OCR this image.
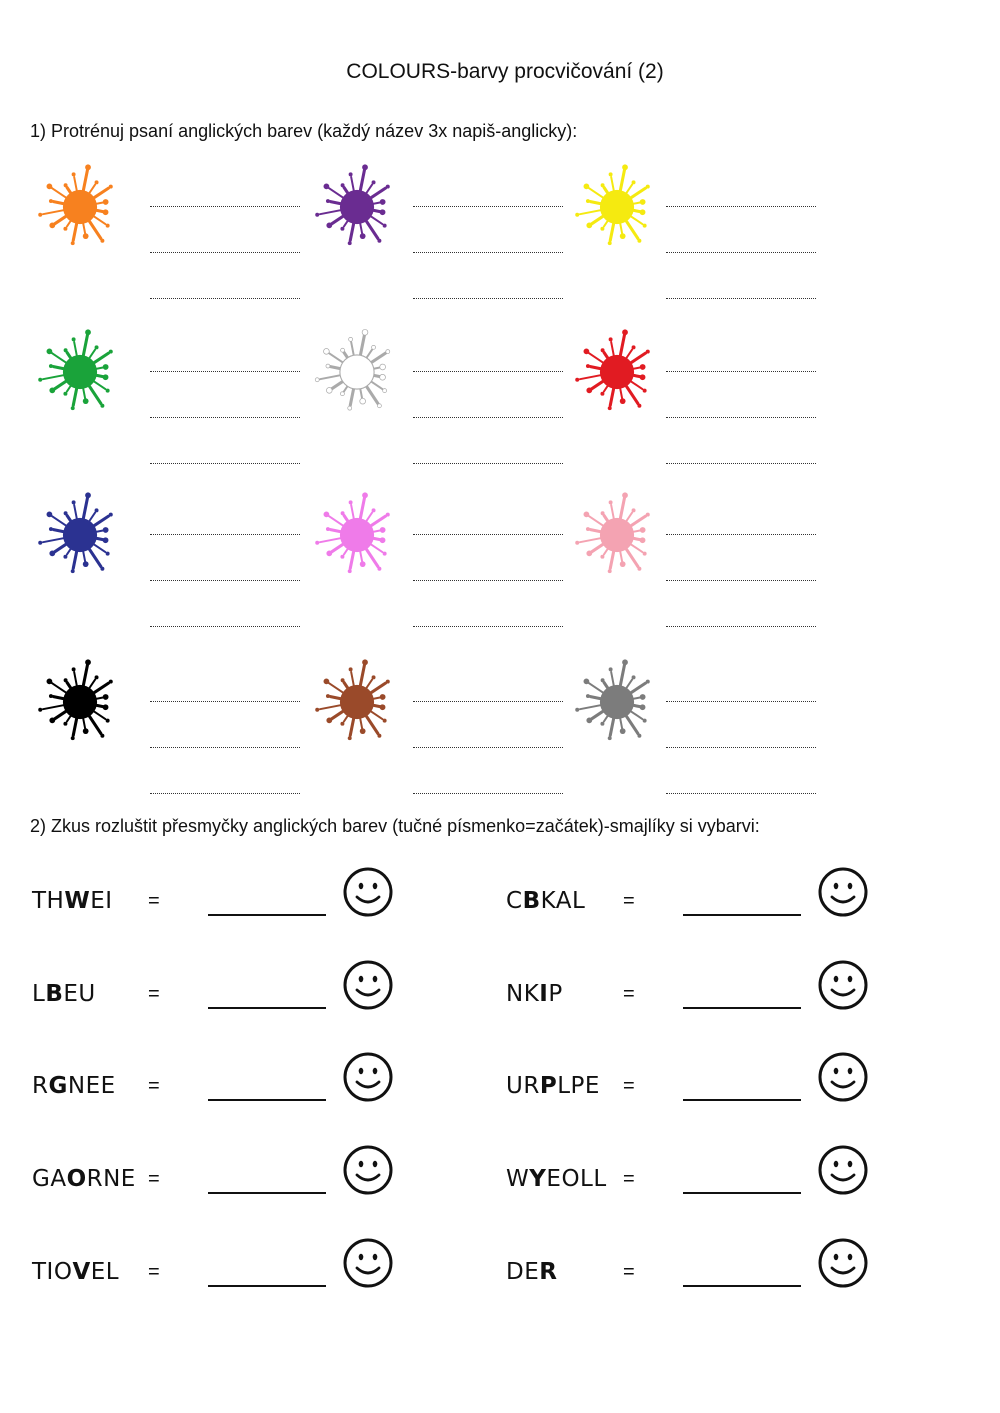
COLOURS-barvy procvičování (2)
1) Protrénuj psaní anglických barev (každý název 3x napiš-anglicky):
2) Zkus rozluštit přesmyčky anglických barev (tučné písmenko=začátek)-smajlíky si vybarvi:
THWEI =	CBKAL =
LBEU	=	NKIP	=
RGNEE =	URPLPE =
GAORNE =	WYEOLL =
TIOVEL =	DER	=
